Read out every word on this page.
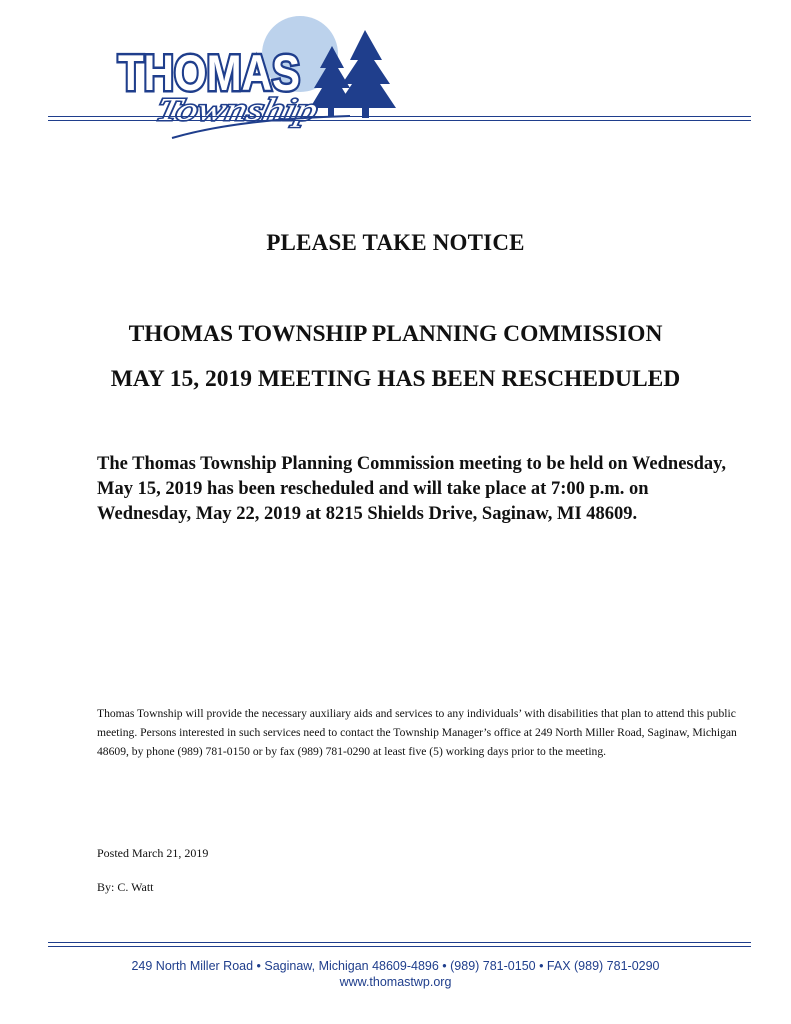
THOMAS
Township
PLEASE TAKE NOTICE
THOMAS TOWNSHIP PLANNING COMMISSION
MAY 15, 2019 MEETING HAS BEEN RESCHEDULED
The Thomas Township Planning Commission meeting to be held on Wednesday, May 15, 2019 has been rescheduled and will take place at 7:00 p.m. on Wednesday, May 22, 2019 at 8215 Shields Drive, Saginaw, MI 48609.
Thomas Township will provide the necessary auxiliary aids and services to any individuals’ with disabilities that plan to attend this public meeting. Persons interested in such services need to contact the Township Manager’s office at 249 North Miller Road, Saginaw, Michigan 48609, by phone (989) 781-0150 or by fax (989) 781-0290 at least five (5) working days prior to the meeting.
Posted March 21, 2019
By: C. Watt
249 North Miller Road • Saginaw, Michigan 48609-4896 • (989) 781-0150 • FAX (989) 781-0290
www.thomastwp.org
